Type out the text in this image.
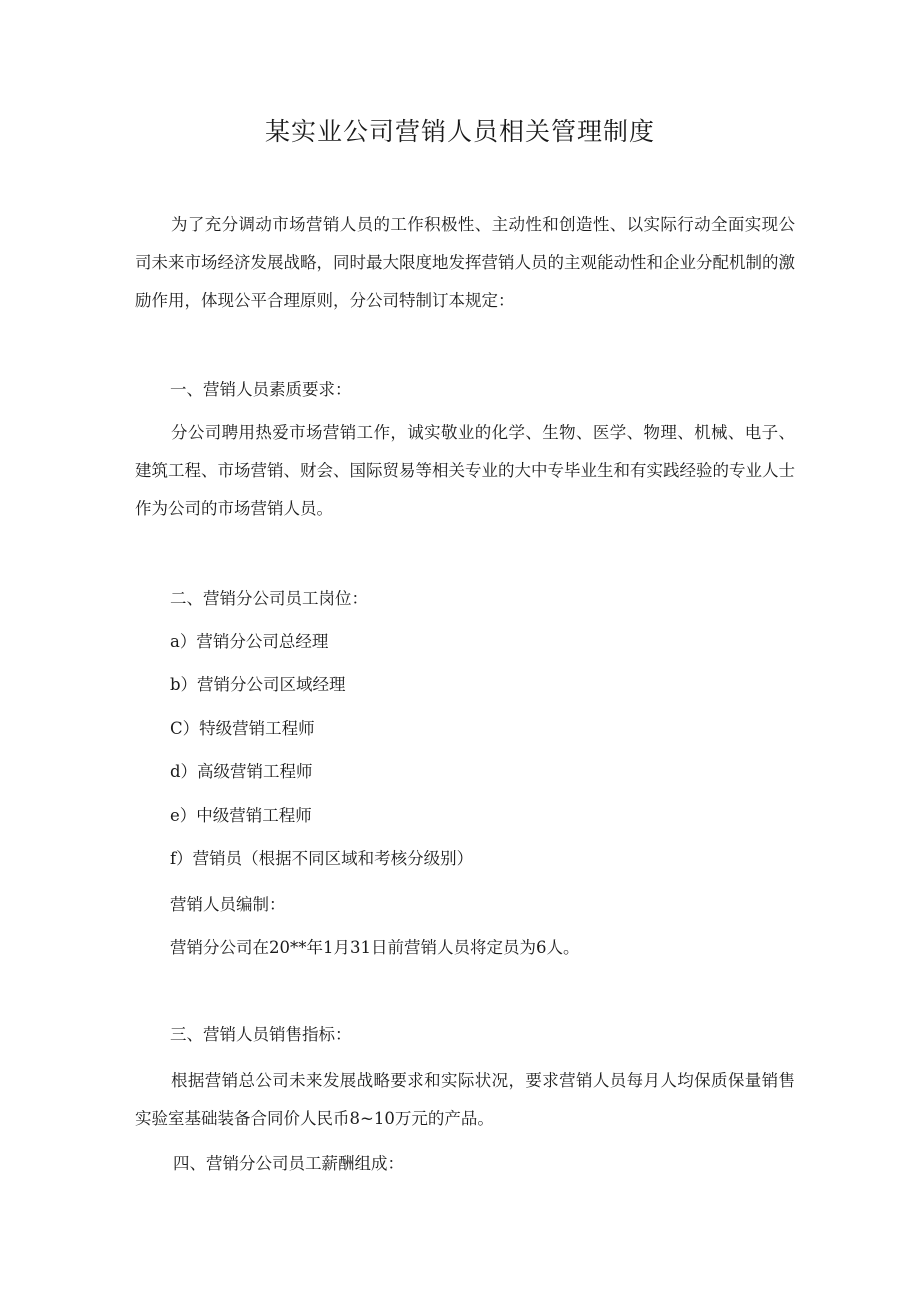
某实业公司营销人员相关管理制度

为了充分调动市场营销人员的工作积极性、主动性和创造性、以实际行动全面实现公司未来市场经济发展战略，同时最大限度地发挥营销人员的主观能动性和企业分配机制的激励作用，体现公平合理原则，分公司特制订本规定：

一、营销人员素质要求：

分公司聘用热爱市场营销工作，诚实敬业的化学、生物、医学、物理、机械、电子、建筑工程、市场营销、财会、国际贸易等相关专业的大中专毕业生和有实践经验的专业人士作为公司的市场营销人员。

二、营销分公司员工岗位：

a）营销分公司总经理

b）营销分公司区域经理

C）特级营销工程师

d）高级营销工程师

e）中级营销工程师

f）营销员（根据不同区域和考核分级别）

营销人员编制：

营销分公司在20**年1月31日前营销人员将定员为6人。

三、营销人员销售指标：

根据营销总公司未来发展战略要求和实际状况，要求营销人员每月人均保质保量销售实验室基础装备合同价人民币8~10万元的产品。

四、营销分公司员工薪酬组成：
